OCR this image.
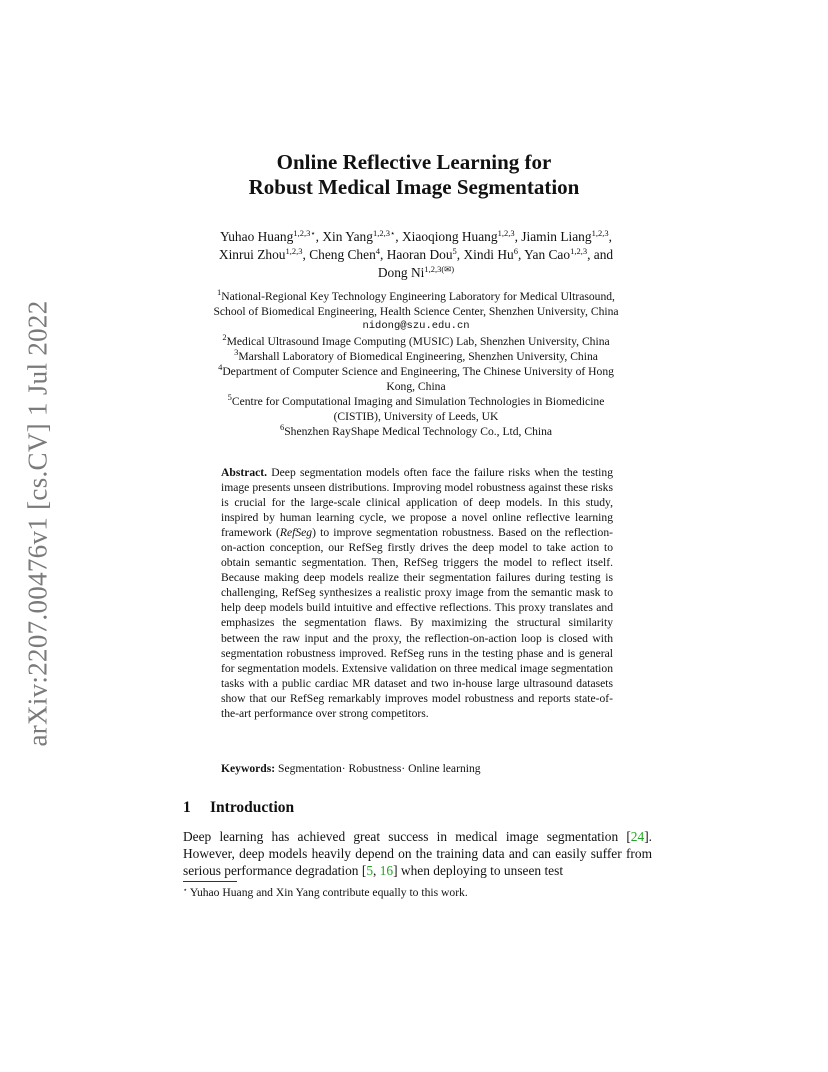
arXiv:2207.00476v1 [cs.CV] 1 Jul 2022
Online Reflective Learning for
Robust Medical Image Segmentation
Yuhao Huang$^{1,2,3⋆}$, Xin Yang$^{1,2,3⋆}$, Xiaoqiong Huang$^{1,2,3}$, Jiamin Liang$^{1,2,3}$,
Xinrui Zhou$^{1,2,3}$, Cheng Chen$^4$, Haoran Dou$^5$, Xindi Hu$^6$, Yan Cao$^{1,2,3}$, and
Dong $Ni^{1,2,3(✉)}$
$^1$National-Regional Key Technology Engineering Laboratory for Medical Ultrasound,
School of Biomedical Engineering, Health Science Center, Shenzhen University, China
nidong@szu.edu.cn
$^2$Medical Ultrasound Image Computing (MUSIC) Lab, Shenzhen University, China
$^3$Marshall Laboratory of Biomedical Engineering, Shenzhen University, China
$^4$Department of Computer Science and Engineering, The Chinese University of Hong
Kong, China
$^5$Centre for Computational Imaging and Simulation Technologies in Biomedicine
(CISTIB), University of Leeds, UK
$^6$Shenzhen RayShape Medical Technology Co., Ltd, China
Abstract. Deep segmentation models often face the failure risks when the testing image presents unseen distributions. Improving model robustness against these risks is crucial for the large-scale clinical application of deep models. In this study, inspired by human learning cycle, we propose a novel online reflective learning framework (RefSeg) to improve segmentation robustness. Based on the reflection-on-action conception, our RefSeg firstly drives the deep model to take action to obtain semantic segmentation. Then, RefSeg triggers the model to reflect itself. Because making deep models realize their segmentation failures during testing is challenging, RefSeg synthesizes a realistic proxy image from the semantic mask to help deep models build intuitive and effective reflections. This proxy translates and emphasizes the segmentation flaws. By maximizing the structural similarity between the raw input and the proxy, the reflection-on-action loop is closed with segmentation robustness improved. RefSeg runs in the testing phase and is general for segmentation models. Extensive validation on three medical image segmentation tasks with a public cardiac MR dataset and two in-house large ultrasound datasets show that our RefSeg remarkably improves model robustness and reports state-of-the-art performance over strong competitors.
Keywords: Segmentation· Robustness· Online learning
1 Introduction
Deep learning has achieved great success in medical image segmentation [24]. However, deep models heavily depend on the training data and can easily suffer from serious performance degradation [5, 16] when deploying to unseen test
⋆ Yuhao Huang and Xin Yang contribute equally to this work.
